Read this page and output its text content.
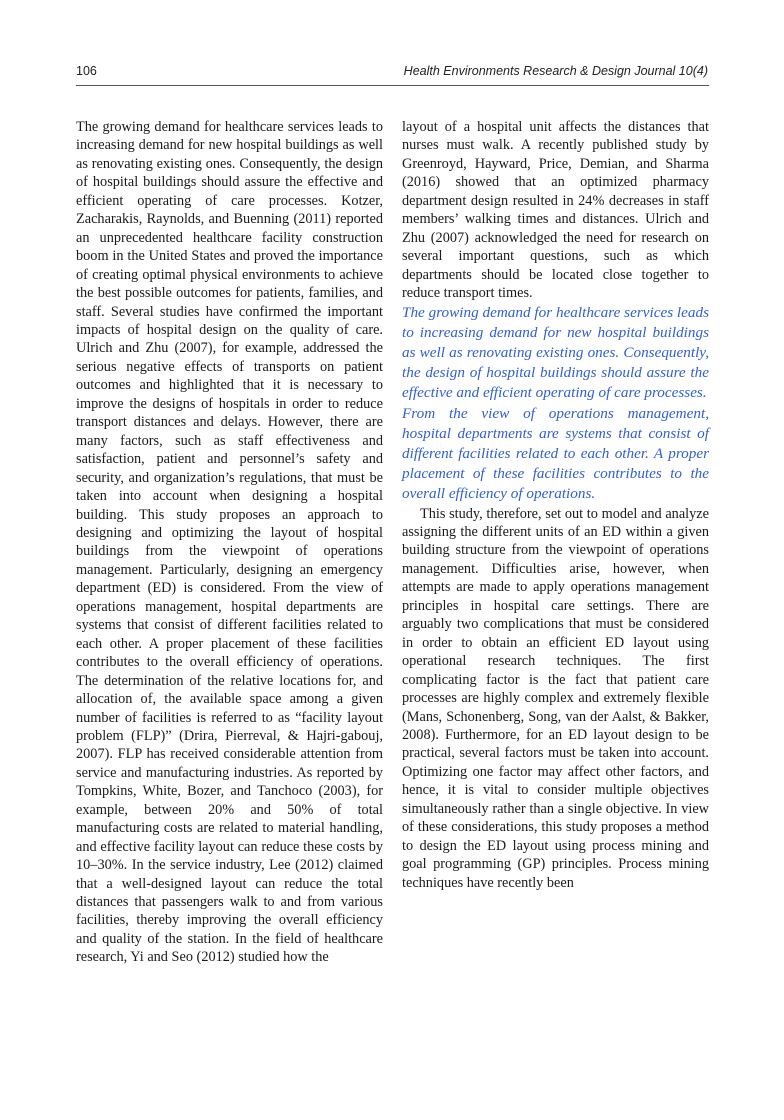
106	Health Environments Research & Design Journal 10(4)

The growing demand for healthcare services leads to increasing demand for new hospital buildings as well as renovating existing ones. Consequently, the design of hospital buildings should assure the effective and efficient operating of care processes. Kotzer, Zacharakis, Raynolds, and Buenning (2011) reported an unprecedented healthcare facility construction boom in the United States and proved the importance of creating optimal physical environments to achieve the best possible outcomes for patients, families, and staff. Several studies have confirmed the important impacts of hospital design on the quality of care. Ulrich and Zhu (2007), for example, addressed the serious negative effects of transports on patient outcomes and highlighted that it is necessary to improve the designs of hospitals in order to reduce transport distances and delays. However, there are many factors, such as staff effectiveness and satisfaction, patient and personnel’s safety and security, and organization’s regulations, that must be taken into account when designing a hospital building. This study proposes an approach to designing and optimizing the layout of hospital buildings from the viewpoint of operations management. Particularly, designing an emergency department (ED) is considered. From the view of operations management, hospital departments are systems that consist of different facilities related to each other. A proper placement of these facilities contributes to the overall efficiency of operations. The determination of the relative locations for, and allocation of, the available space among a given number of facilities is referred to as “facility layout problem (FLP)” (Drira, Pierreval, & Hajri-gabouj, 2007). FLP has received considerable attention from service and manufacturing industries. As reported by Tompkins, White, Bozer, and Tanchoco (2003), for example, between 20% and 50% of total manufacturing costs are related to material handling, and effective facility layout can reduce these costs by 10–30%. In the service industry, Lee (2012) claimed that a well-designed layout can reduce the total distances that passengers walk to and from various facilities, thereby improving the overall efficiency and quality of the station. In the field of healthcare research, Yi and Seo (2012) studied how the

layout of a hospital unit affects the distances that nurses must walk. A recently published study by Greenroyd, Hayward, Price, Demian, and Sharma (2016) showed that an optimized pharmacy department design resulted in 24% decreases in staff members’ walking times and distances. Ulrich and Zhu (2007) acknowledged the need for research on several important questions, such as which departments should be located close together to reduce transport times.

The growing demand for healthcare services leads to increasing demand for new hospital buildings as well as renovating existing ones. Consequently, the design of hospital buildings should assure the effective and efficient operating of care processes.

From the view of operations management, hospital departments are systems that consist of different facilities related to each other. A proper placement of these facilities contributes to the overall efficiency of operations.

This study, therefore, set out to model and analyze assigning the different units of an ED within a given building structure from the viewpoint of operations management. Difficulties arise, however, when attempts are made to apply operations management principles in hospital care settings. There are arguably two complications that must be considered in order to obtain an efficient ED layout using operational research techniques. The first complicating factor is the fact that patient care processes are highly complex and extremely flexible (Mans, Schonenberg, Song, van der Aalst, & Bakker, 2008). Furthermore, for an ED layout design to be practical, several factors must be taken into account. Optimizing one factor may affect other factors, and hence, it is vital to consider multiple objectives simultaneously rather than a single objective. In view of these considerations, this study proposes a method to design the ED layout using process mining and goal programming (GP) principles. Process mining techniques have recently been
